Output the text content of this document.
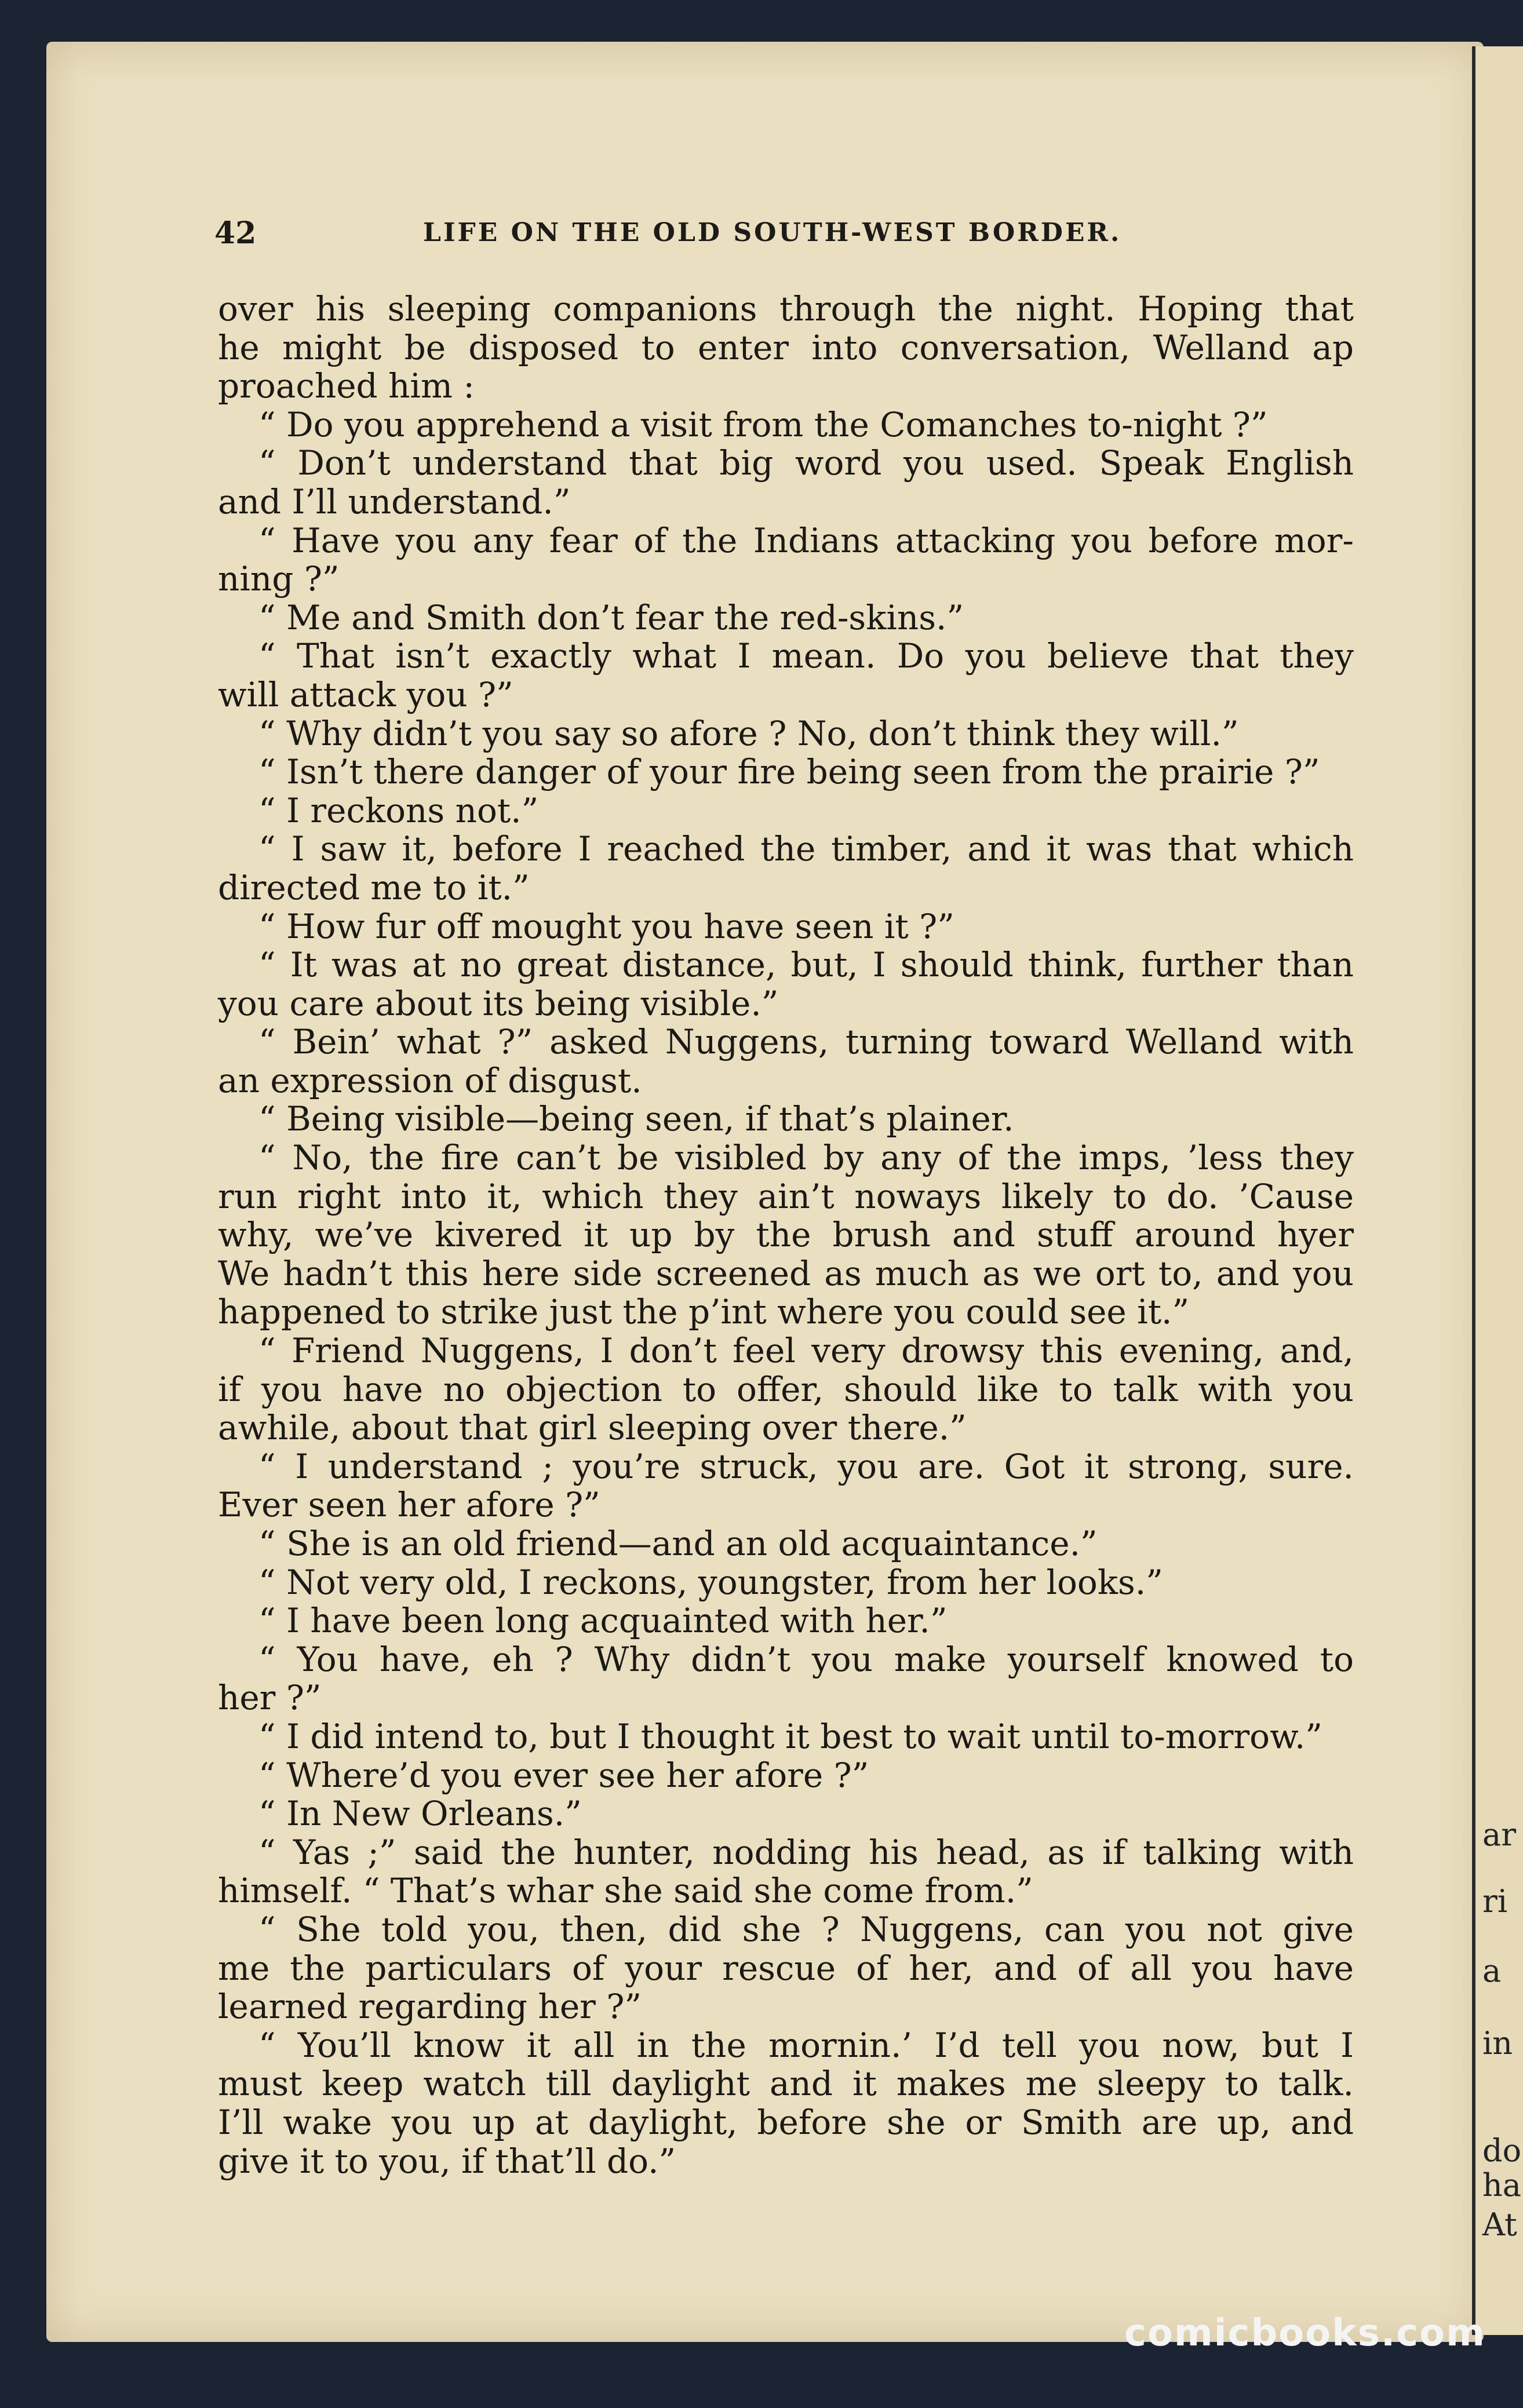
ar
ri
a
in
do
ha
At
42	LIFE ON THE OLD SOUTH-WEST BORDER.
over his sleeping companions through the night. Hoping that
he might be disposed to enter into conversation, Welland ap
proached him :
“ Do you apprehend a visit from the Comanches to-night ?”
“ Don’t understand that big word you used. Speak English
and I’ll understand.”
“ Have you any fear of the Indians attacking you before mor-
ning ?”
“ Me and Smith don’t fear the red-skins.”
“ That isn’t exactly what I mean. Do you believe that they
will attack you ?”
“ Why didn’t you say so afore ? No, don’t think they will.”
“ Isn’t there danger of your fire being seen from the prairie ?”
“ I reckons not.”
“ I saw it, before I reached the timber, and it was that which
directed me to it.”
“ How fur off mought you have seen it ?”
“ It was at no great distance, but, I should think, further than
you care about its being visible.”
“ Bein’ what ?” asked Nuggens, turning toward Welland with
an expression of disgust.
“ Being visible—being seen, if that’s plainer.
“ No, the fire can’t be visibled by any of the imps, ’less they
run right into it, which they ain’t noways likely to do. ’Cause
why, we’ve kivered it up by the brush and stuff around hyer
We hadn’t this here side screened as much as we ort to, and you
happened to strike just the p’int where you could see it.”
“ Friend Nuggens, I don’t feel very drowsy this evening, and,
if you have no objection to offer, should like to talk with you
awhile, about that girl sleeping over there.”
“ I understand ; you’re struck, you are. Got it strong, sure.
Ever seen her afore ?”
“ She is an old friend—and an old acquaintance.”
“ Not very old, I reckons, youngster, from her looks.”
“ I have been long acquainted with her.”
“ You have, eh ? Why didn’t you make yourself knowed to
her ?”
“ I did intend to, but I thought it best to wait until to-morrow.”
“ Where’d you ever see her afore ?”
“ In New Orleans.”
“ Yas ;” said the hunter, nodding his head, as if talking with
himself. “ That’s whar she said she come from.”
“ She told you, then, did she ? Nuggens, can you not give
me the particulars of your rescue of her, and of all you have
learned regarding her ?”
“ You’ll know it all in the mornin.’ I’d tell you now, but I
must keep watch till daylight and it makes me sleepy to talk.
I’ll wake you up at daylight, before she or Smith are up, and
give it to you, if that’ll do.”
comicbooks.com
